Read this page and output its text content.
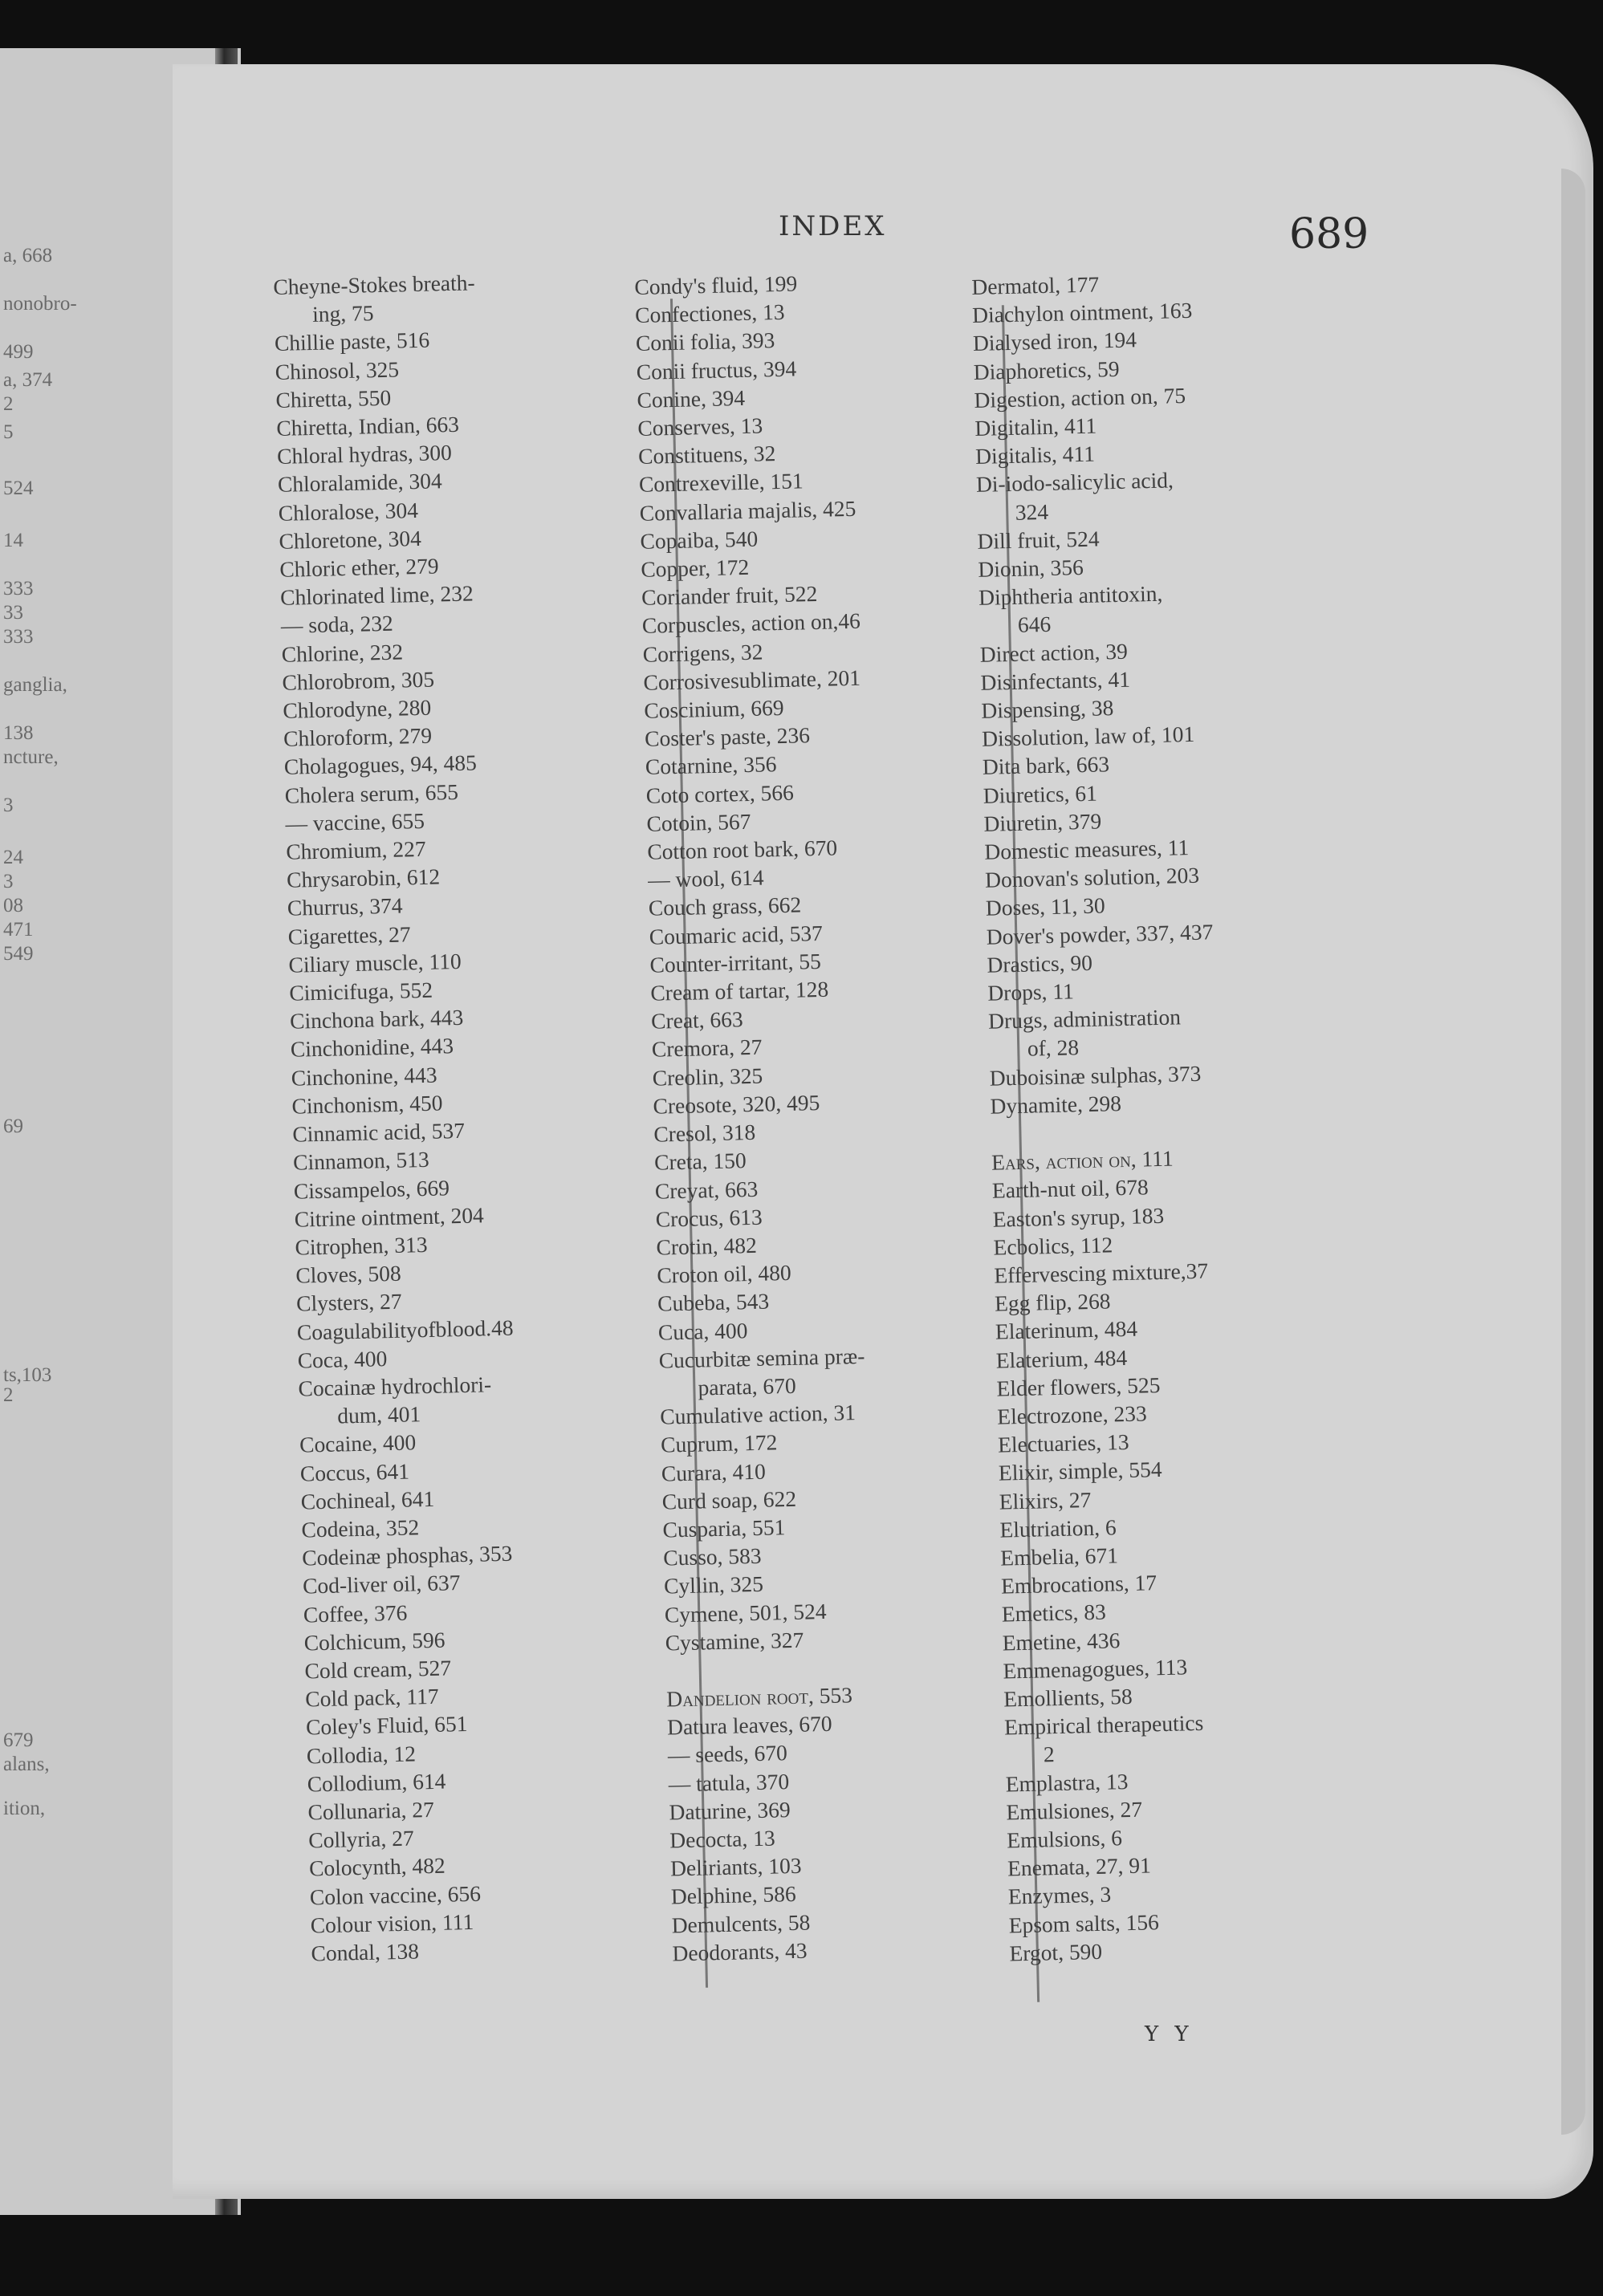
a, 668
nonobro-
499
a, 374
2
5
524
14
333
33
333
ganglia,
138
ncture,
3
24
3
08
471
549
69
ts,103
2
679
alans,
ition,
INDEX	689
Cheyne-Stokes breath-
ing, 75
Chillie paste, 516
Chinosol, 325
Chiretta, 550
Chiretta, Indian, 663
Chloral hydras, 300
Chloralamide, 304
Chloralose, 304
Chloretone, 304
Chloric ether, 279
Chlorinated lime, 232
— soda, 232
Chlorine, 232
Chlorobrom, 305
Chlorodyne, 280
Chloroform, 279
Cholagogues, 94, 485
Cholera serum, 655
— vaccine, 655
Chromium, 227
Chrysarobin, 612
Churrus, 374
Cigarettes, 27
Ciliary muscle, 110
Cimicifuga, 552
Cinchona bark, 443
Cinchonidine, 443
Cinchonine, 443
Cinchonism, 450
Cinnamic acid, 537
Cinnamon, 513
Cissampelos, 669
Citrine ointment, 204
Citrophen, 313
Cloves, 508
Clysters, 27
Coagulabilityofblood.48
Coca, 400
Cocainæ hydrochlori-
dum, 401
Cocaine, 400
Coccus, 641
Cochineal, 641
Codeina, 352
Codeinæ phosphas, 353
Cod-liver oil, 637
Coffee, 376
Colchicum, 596
Cold cream, 527
Cold pack, 117
Coley's Fluid, 651
Collodia, 12
Collodium, 614
Collunaria, 27
Collyria, 27
Colocynth, 482
Colon vaccine, 656
Colour vision, 111
Condal, 138
Condy's fluid, 199
Confectiones, 13
Conii folia, 393
Conii fructus, 394
Conine, 394
Conserves, 13
Constituens, 32
Contrexeville, 151
Convallaria majalis, 425
Copaiba, 540
Copper, 172
Coriander fruit, 522
Corpuscles, action on,46
Corrigens, 32
Corrosivesublimate, 201
Coscinium, 669
Coster's paste, 236
Cotarnine, 356
Coto cortex, 566
Cotoin, 567
Cotton root bark, 670
— wool, 614
Couch grass, 662
Coumaric acid, 537
Counter-irritant, 55
Cream of tartar, 128
Creat, 663
Cremora, 27
Creolin, 325
Creosote, 320, 495
Cresol, 318
Creta, 150
Creyat, 663
Crocus, 613
Crotin, 482
Croton oil, 480
Cubeba, 543
Cuca, 400
Cucurbitæ semina præ-
parata, 670
Cumulative action, 31
Cuprum, 172
Curara, 410
Curd soap, 622
Cusparia, 551
Cusso, 583
Cyllin, 325
Cymene, 501, 524
Cystamine, 327
Dandelion root, 553
Datura leaves, 670
— seeds, 670
— tatula, 370
Daturine, 369
Decocta, 13
Deliriants, 103
Delphine, 586
Demulcents, 58
Deodorants, 43
Dermatol, 177
Diachylon ointment, 163
Dialysed iron, 194
Diaphoretics, 59
Digestion, action on, 75
Digitalin, 411
Digitalis, 411
Di-iodo-salicylic acid,
324
Dill fruit, 524
Dionin, 356
Diphtheria antitoxin,
646
Direct action, 39
Disinfectants, 41
Dispensing, 38
Dissolution, law of, 101
Dita bark, 663
Diuretics, 61
Diuretin, 379
Domestic measures, 11
Donovan's solution, 203
Doses, 11, 30
Dover's powder, 337, 437
Drastics, 90
Drops, 11
Drugs, administration
of, 28
Duboisinæ sulphas, 373
Dynamite, 298
Ears, action on, 111
Earth-nut oil, 678
Easton's syrup, 183
Ecbolics, 112
Effervescing mixture,37
Egg flip, 268
Elaterinum, 484
Elaterium, 484
Elder flowers, 525
Electrozone, 233
Electuaries, 13
Elixir, simple, 554
Elixirs, 27
Elutriation, 6
Embelia, 671
Embrocations, 17
Emetics, 83
Emetine, 436
Emmenagogues, 113
Emollients, 58
Empirical therapeutics
2
Emplastra, 13
Emulsiones, 27
Emulsions, 6
Enemata, 27, 91
Enzymes, 3
Epsom salts, 156
Ergot, 590
Y Y
